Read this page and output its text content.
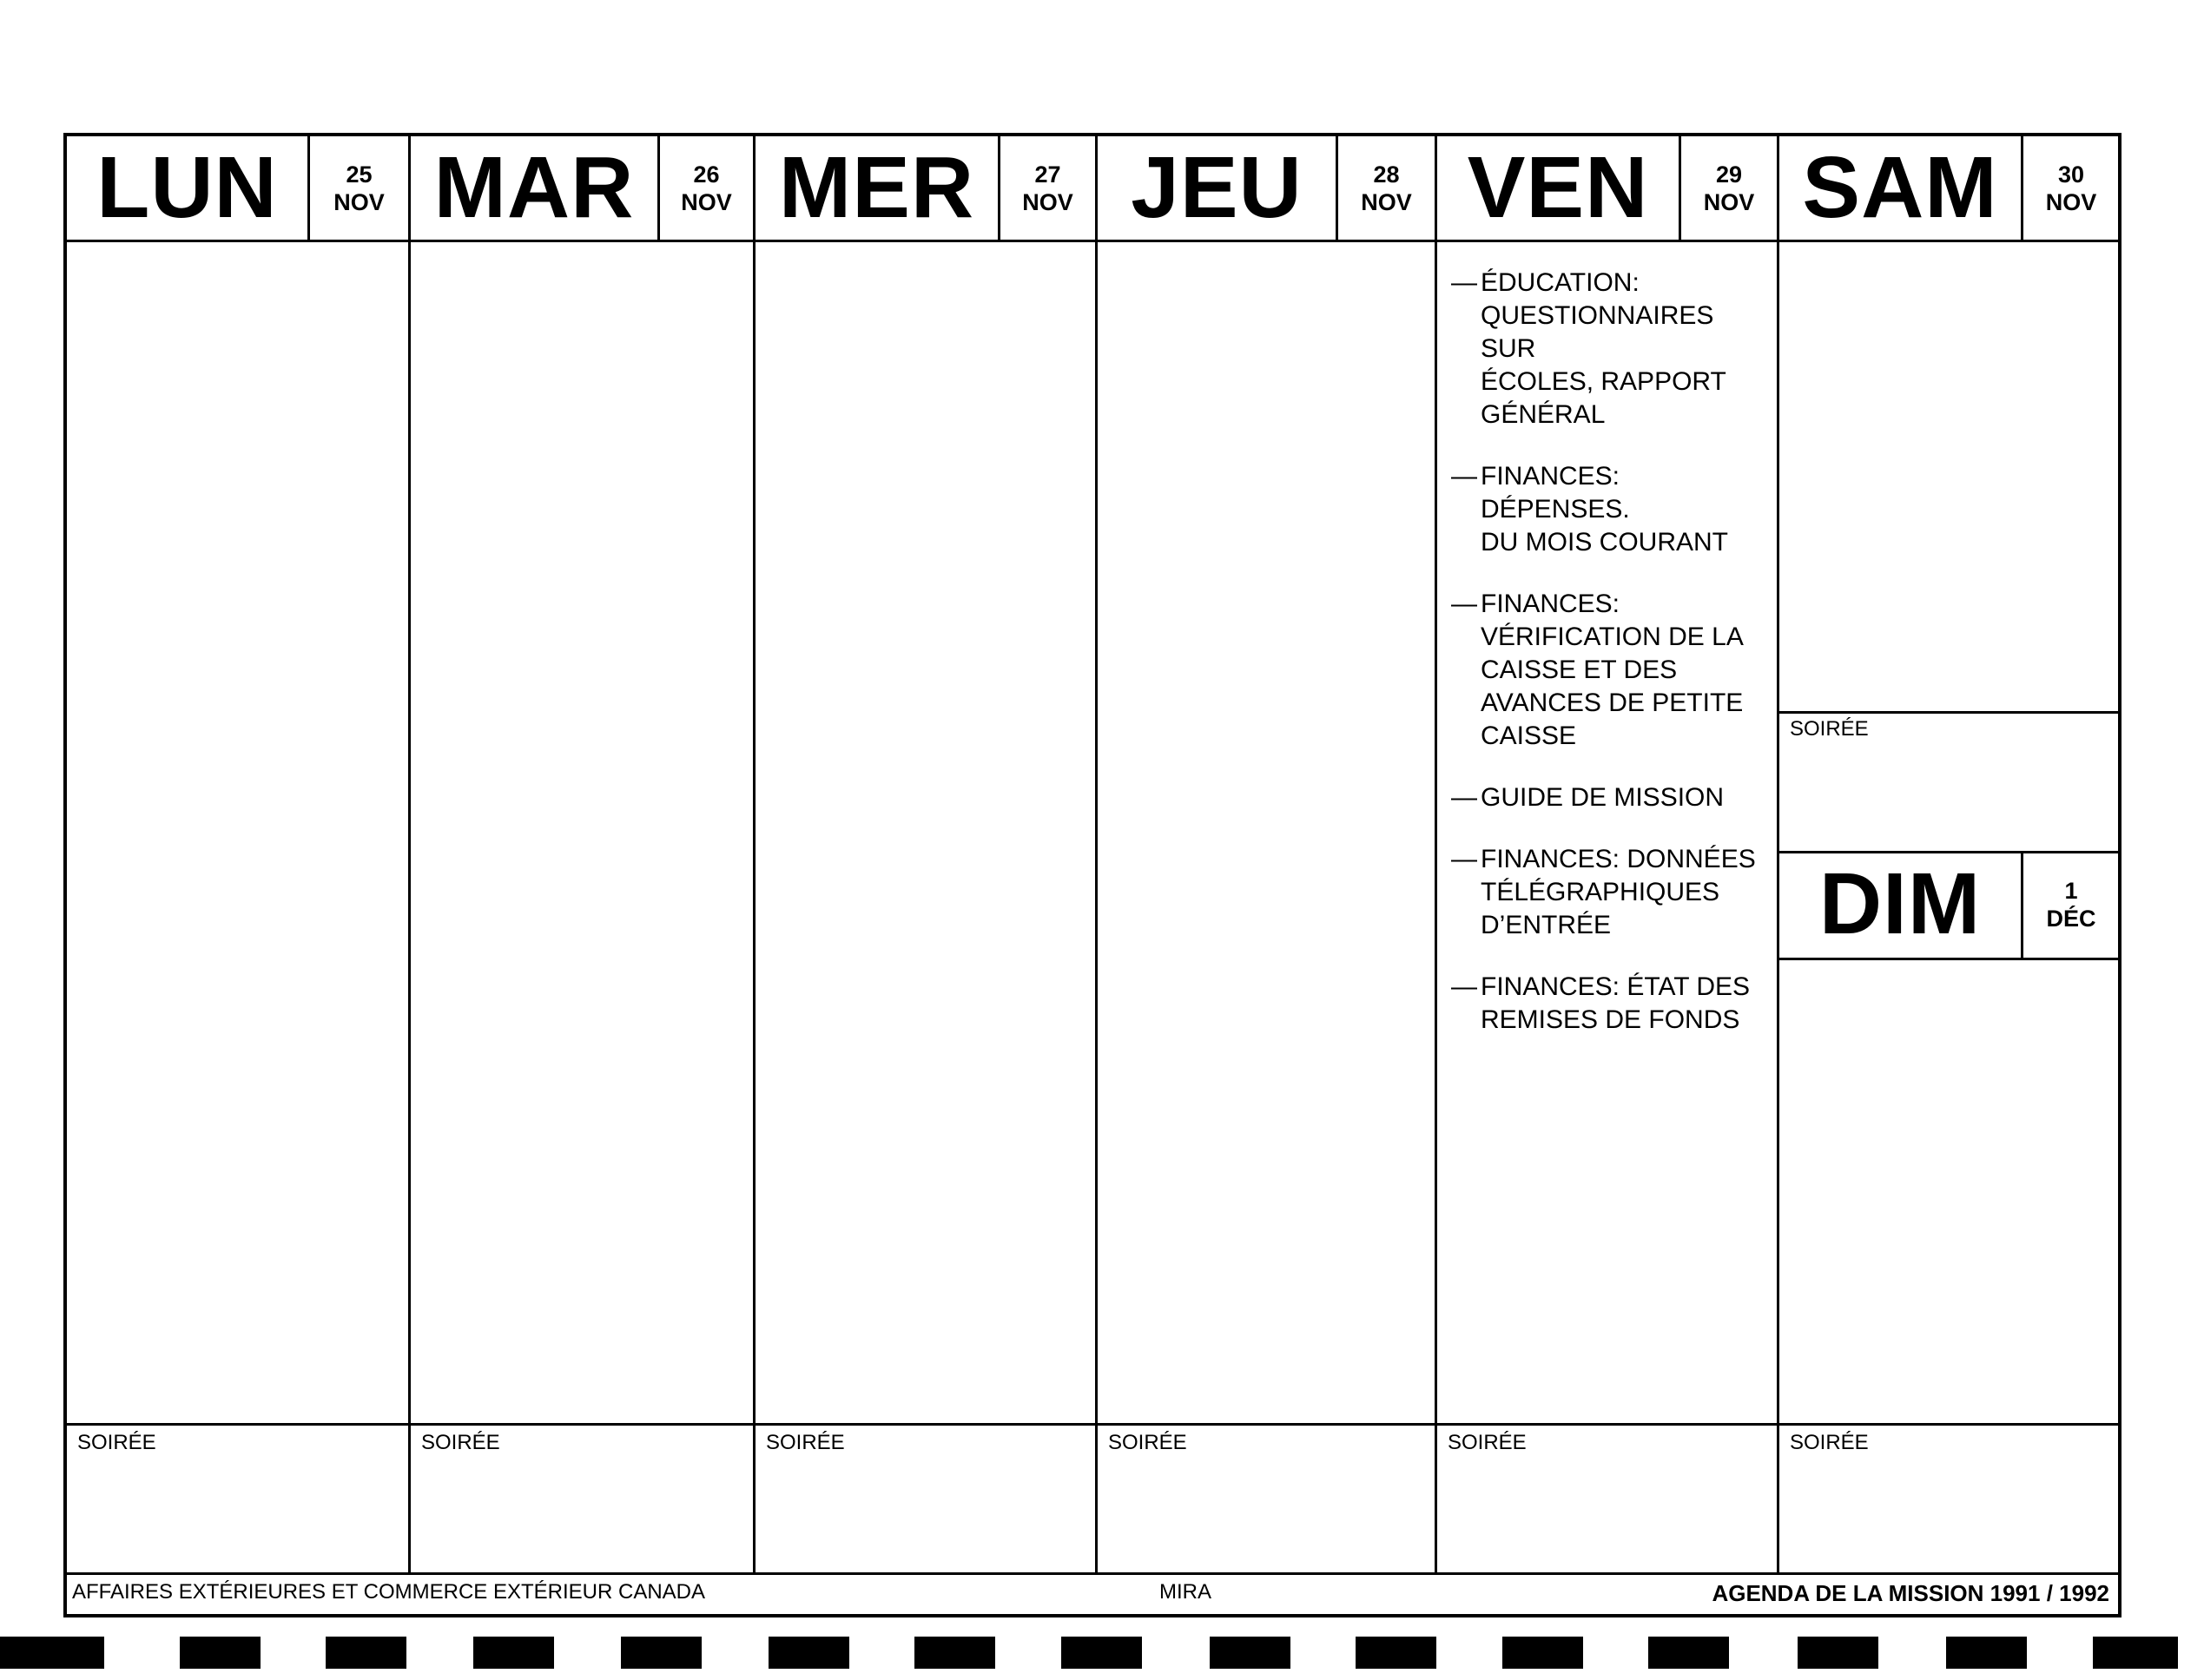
LUN	25
NOV
SOIRÉE
MAR	26
NOV
SOIRÉE
MER	27
NOV
SOIRÉE
JEU	28
NOV
SOIRÉE
VEN	29
NOV
— ÉDUCATION:
QUESTIONNAIRES SUR
ÉCOLES, RAPPORT
GÉNÉRAL
— FINANCES: DÉPENSES.
DU MOIS COURANT
— FINANCES:
VÉRIFICATION DE LA
CAISSE ET DES
AVANCES DE PETITE
CAISSE
— GUIDE DE MISSION
— FINANCES: DONNÉES
TÉLÉGRAPHIQUES
D’ENTRÉE
— FINANCES: ÉTAT DES
REMISES DE FONDS
SOIRÉE
SAM	30
NOV
SOIRÉE
DIM	1
DÉC
SOIRÉE
AFFAIRES EXTÉRIEURES ET COMMERCE EXTÉRIEUR CANADA	MIRA	AGENDA DE LA MISSION 1991 / 1992
